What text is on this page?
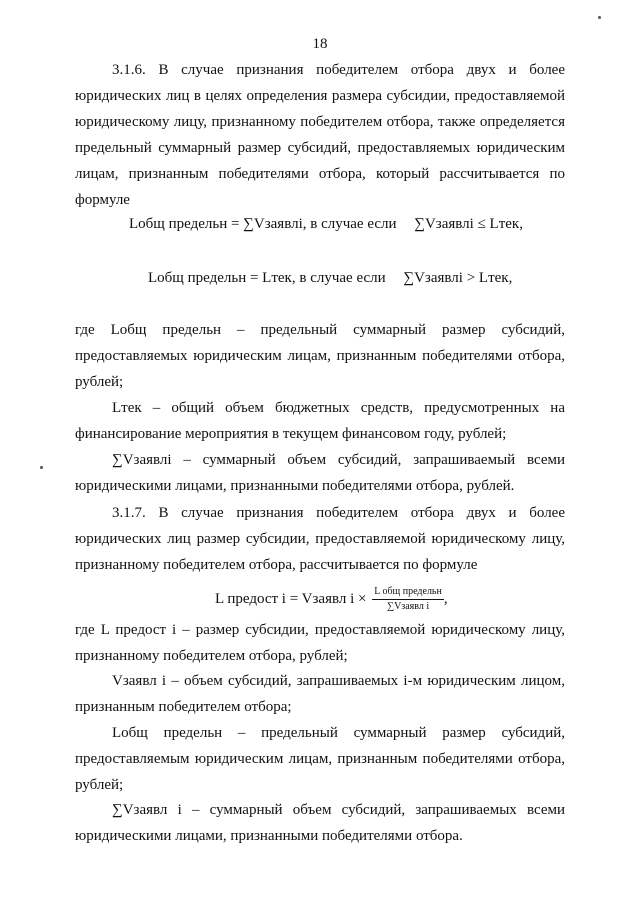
18
3.1.6. В случае признания победителем отбора двух и более юридических лиц в целях определения размера субсидии, предоставляемой юридическому лицу, признанному победителем отбора, также определяется предельный суммарный размер субсидий, предоставляемых юридическим лицам, признанным победителями отбора, который рассчитывается по формуле
Lобщ предельн = ∑Vзаявлi, в случае если ∑Vзаявлi ≤ Lтек,
Lобщ предельн = Lтек, в случае если ∑Vзаявлi > Lтек,
где Lобщ предельн – предельный суммарный размер субсидий, предоставляемых юридическим лицам, признанным победителями отбора, рублей;
Lтек – общий объем бюджетных средств, предусмотренных на финансирование мероприятия в текущем финансовом году, рублей;
∑Vзаявлi – суммарный объем субсидий, запрашиваемый всеми юридическими лицами, признанными победителями отбора, рублей.
3.1.7. В случае признания победителем отбора двух и более юридических лиц размер субсидии, предоставляемой юридическому лицу, признанному победителем отбора, рассчитывается по формуле
L предост i = Vзаявл $i \times \frac{\text{L общ предельн}}{\text{∑Vзаявл i}}$ ,
где L предост i – размер субсидии, предоставляемой юридическому лицу, признанному победителем отбора, рублей;
Vзаявл i – объем субсидий, запрашиваемых i-м юридическим лицом, признанным победителем отбора;
Lобщ предельн – предельный суммарный размер субсидий, предоставляемым юридическим лицам, признанным победителями отбора, рублей;
∑Vзаявл i – суммарный объем субсидий, запрашиваемых всеми юридическими лицами, признанными победителями отбора.
